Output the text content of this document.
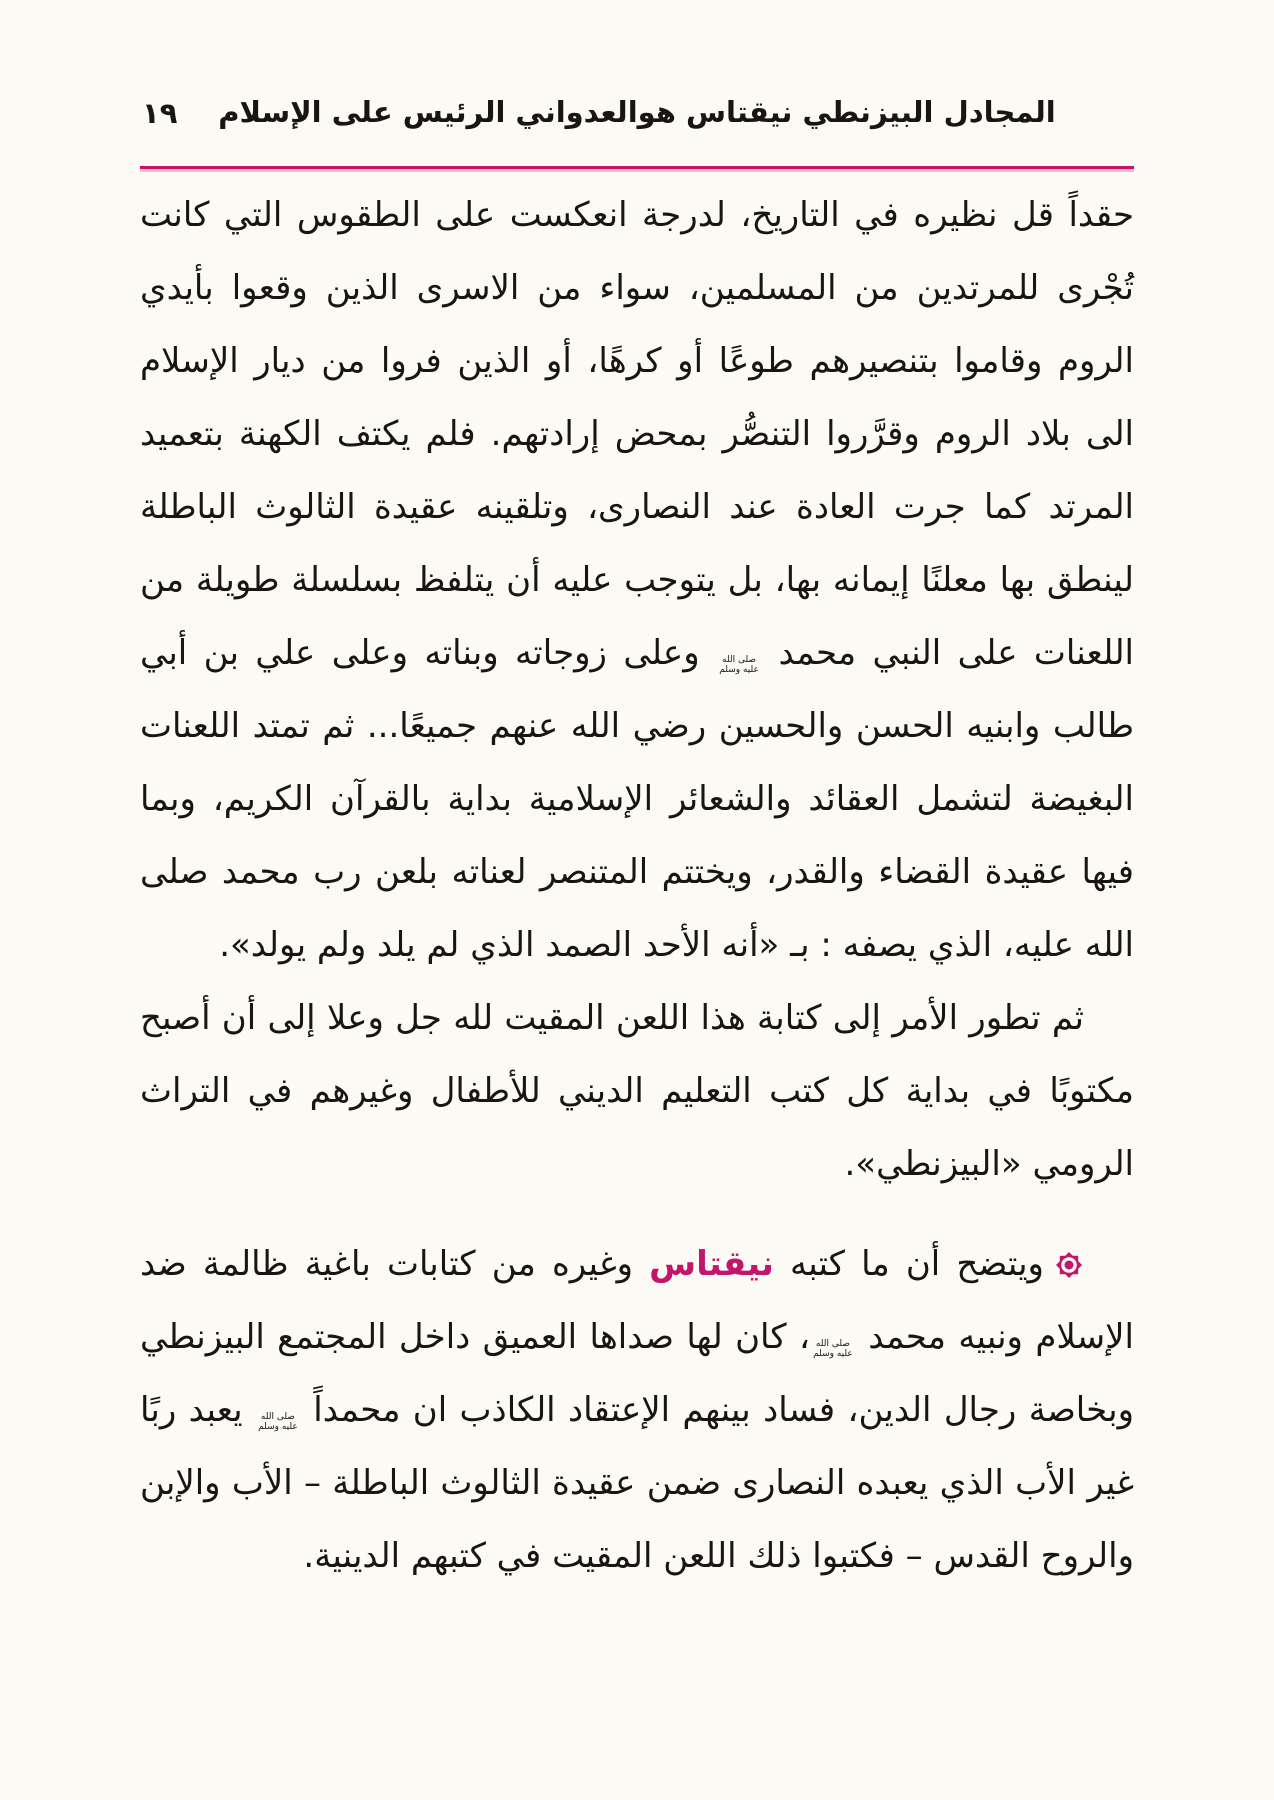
١٩	المجادل البيزنطي نيقتاس هوالعدواني الرئيس على الإسلام

حقداً قل نظيره في التاريخ، لدرجة انعكست على الطقوس التي كانت تُجْرى للمرتدين من المسلمين، سواء من الاسرى الذين وقعوا بأيدي الروم وقاموا بتنصيرهم طوعًا أو كرهًا، أو الذين فروا من ديار الإسلام الى بلاد الروم وقرَّروا التنصُّر بمحض إرادتهم. فلم يكتف الكهنة بتعميد المرتد كما جرت العادة عند النصارى، وتلقينه عقيدة الثالوث الباطلة لينطق بها معلنًا إيمانه بها، بل يتوجب عليه أن يتلفظ بسلسلة طويلة من اللعنات على النبي محمد صلى الله عليه وسلم وعلى زوجاته وبناته وعلى علي بن أبي طالب وابنيه الحسن والحسين رضي الله عنهم جميعًا... ثم تمتد اللعنات البغيضة لتشمل العقائد والشعائر الإسلامية بداية بالقرآن الكريم، وبما فيها عقيدة القضاء والقدر، ويختتم المتنصر لعناته بلعن رب محمد صلى الله عليه، الذي يصفه : بـ «أنه الأحد الصمد الذي لم يلد ولم يولد».

ثم تطور الأمر إلى كتابة هذا اللعن المقيت لله جل وعلا إلى أن أصبح مكتوبًا في بداية كل كتب التعليم الديني للأطفال وغيرهم في التراث الرومي «البيزنطي».

ويتضح أن ما كتبه نيقتاس وغيره من كتابات باغية ظالمة ضد الإسلام ونبيه محمد صلى الله عليه وسلم، كان لها صداها العميق داخل المجتمع البيزنطي وبخاصة رجال الدين، فساد بينهم الإعتقاد الكاذب ان محمداً صلى الله عليه وسلم يعبد ربًا غير الأب الذي يعبده النصارى ضمن عقيدة الثالوث الباطلة – الأب والإبن والروح القدس – فكتبوا ذلك اللعن المقيت في كتبهم الدينية.
